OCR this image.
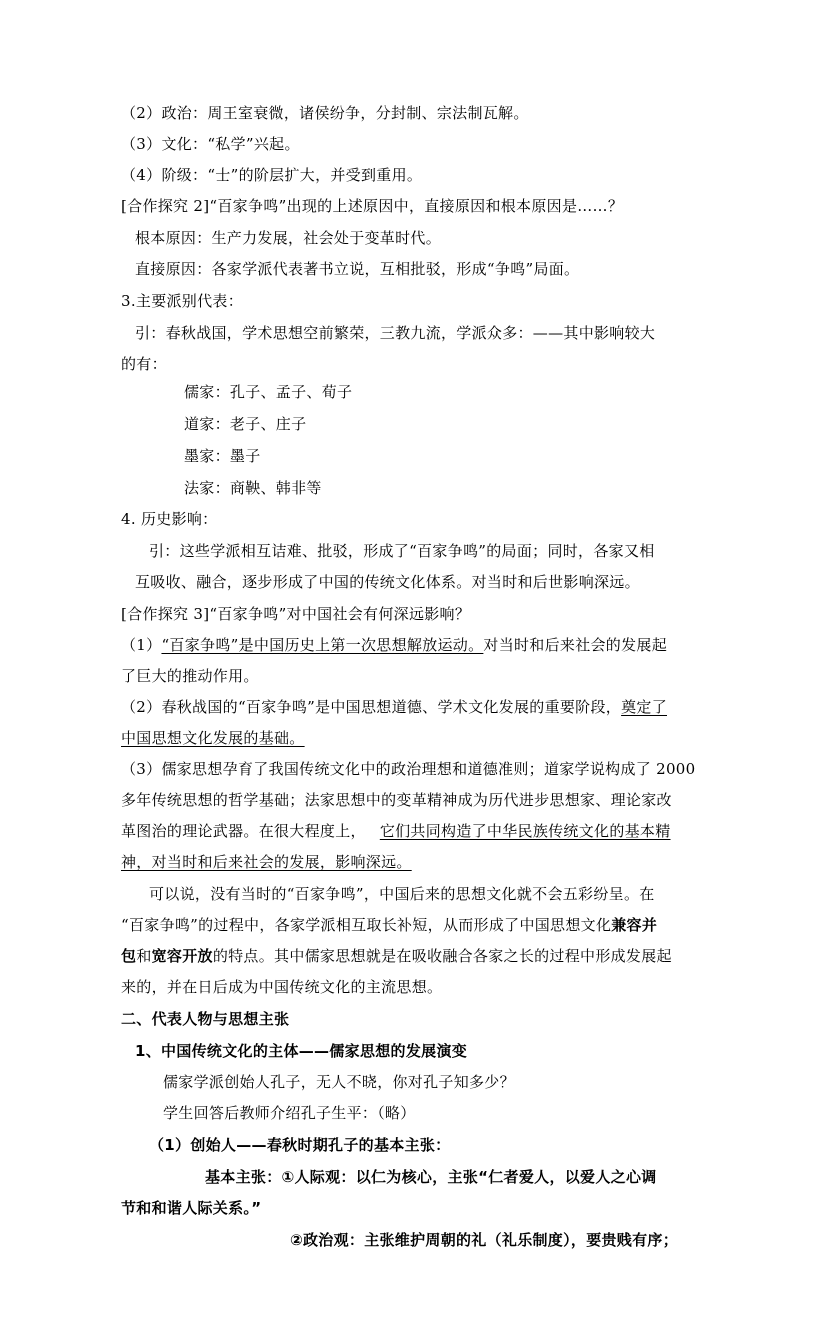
（2）政治：周王室衰微，诸侯纷争，分封制、宗法制瓦解。
（3）文化：“私学”兴起。
（4）阶级：“士”的阶层扩大，并受到重用。
[合作探究 2]“百家争鸣”出现的上述原因中，直接原因和根本原因是……？
根本原因：生产力发展，社会处于变革时代。
直接原因：各家学派代表著书立说，互相批驳，形成“争鸣”局面。
3.主要派别代表：
引：春秋战国，学术思想空前繁荣，三教九流，学派众多：——其中影响较大
的有：
儒家：孔子、孟子、荀子
道家：老子、庄子
墨家：墨子
法家：商鞅、韩非等
4. 历史影响：
引：这些学派相互诘难、批驳，形成了“百家争鸣”的局面；同时，各家又相
互吸收、融合，逐步形成了中国的传统文化体系。对当时和后世影响深远。
[合作探究 3]“百家争鸣”对中国社会有何深远影响？
（1）“百家争鸣”是中国历史上第一次思想解放运动。对当时和后来社会的发展起
了巨大的推动作用。
（2）春秋战国的“百家争鸣”是中国思想道德、学术文化发展的重要阶段，奠定了
中国思想文化发展的基础。
（3）儒家思想孕育了我国传统文化中的政治理想和道德准则；道家学说构成了 2000
多年传统思想的哲学基础；法家思想中的变革精神成为历代进步思想家、理论家改
革图治的理论武器。在很大程度上， 它们共同构造了中华民族传统文化的基本精
神，对当时和后来社会的发展，影响深远。
可以说，没有当时的“百家争鸣”，中国后来的思想文化就不会五彩纷呈。在
“百家争鸣”的过程中，各家学派相互取长补短，从而形成了中国思想文化兼容并
包和宽容开放的特点。其中儒家思想就是在吸收融合各家之长的过程中形成发展起
来的，并在日后成为中国传统文化的主流思想。
二、代表人物与思想主张
1、中国传统文化的主体——儒家思想的发展演变
儒家学派创始人孔子，无人不晓，你对孔子知多少？
学生回答后教师介绍孔子生平：（略）
（1）创始人——春秋时期孔子的基本主张：
基本主张：①人际观：以仁为核心，主张“仁者爱人，以爱人之心调
节和和谐人际关系。”
②政治观：主张维护周朝的礼（礼乐制度），要贵贱有序；
